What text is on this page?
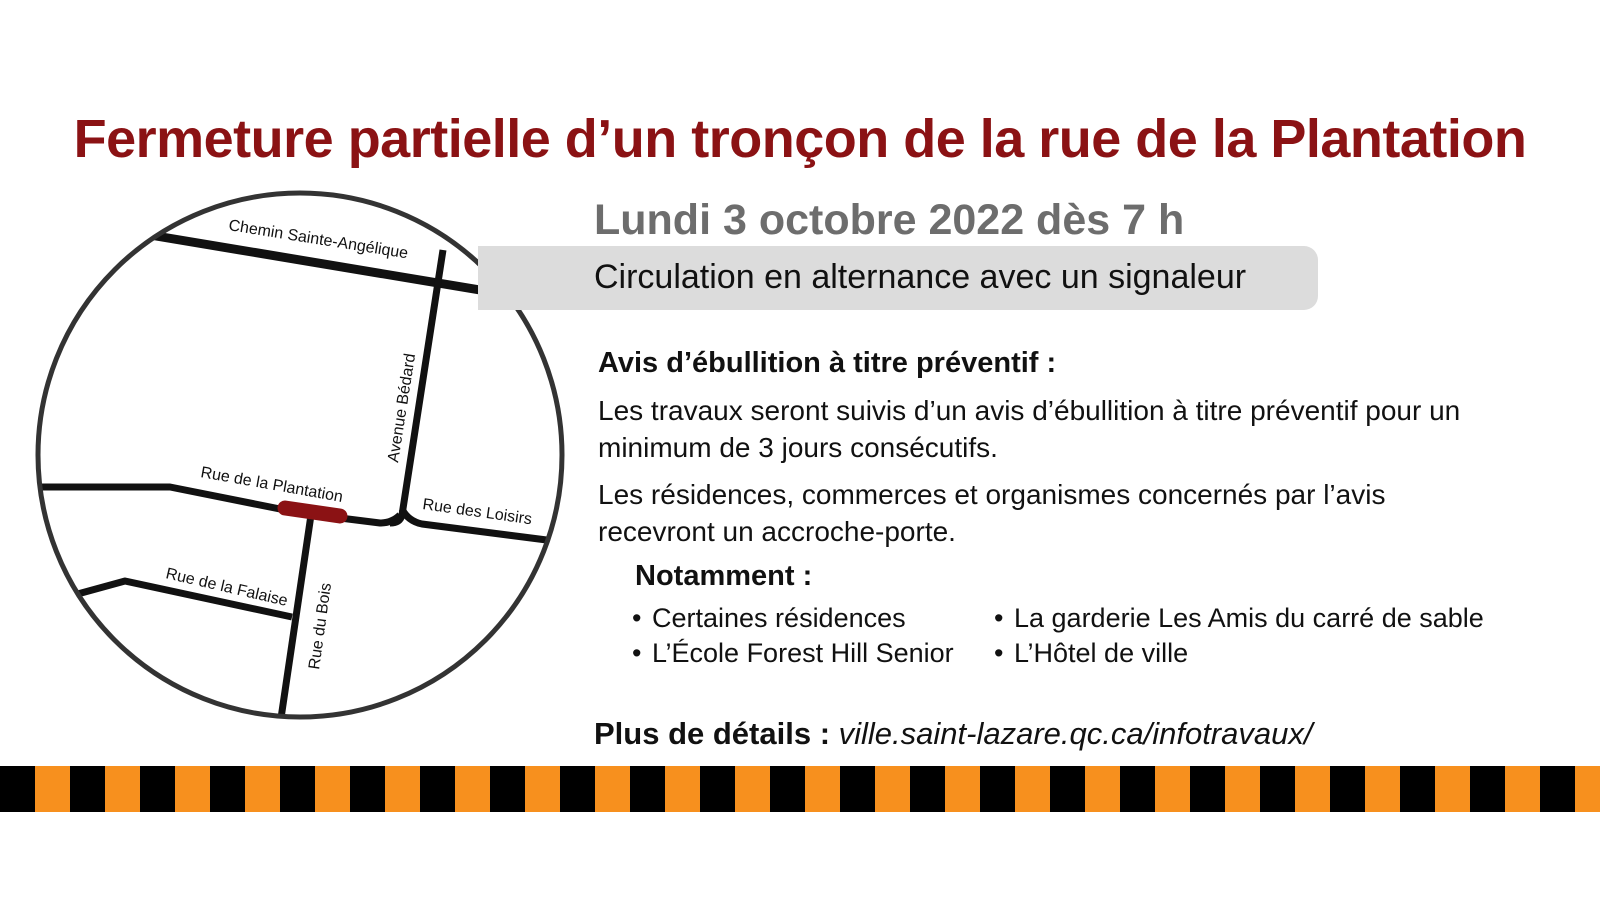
Fermeture partielle d’un tronçon de la rue de la Plantation
Chemin Sainte-Angélique
Avenue Bédard
Rue de la Plantation
Rue des Loisirs
Rue de la Falaise Rue du Bois
Lundi 3 octobre 2022 dès 7 h
Circulation en alternance avec un signaleur
Avis d’ébullition à titre préventif :
Les travaux seront suivis d’un avis d’ébullition à titre préventif pour un minimum de 3 jours consécutifs.
Les résidences, commerces et organismes concernés par l’avis recevront un accroche-porte.
Notamment :
• Certaines résidences
• L’École Forest Hill Senior
• La garderie Les Amis du carré de sable
• L’Hôtel de ville
Plus de détails : ville.saint-lazare.qc.ca/infotravaux/
